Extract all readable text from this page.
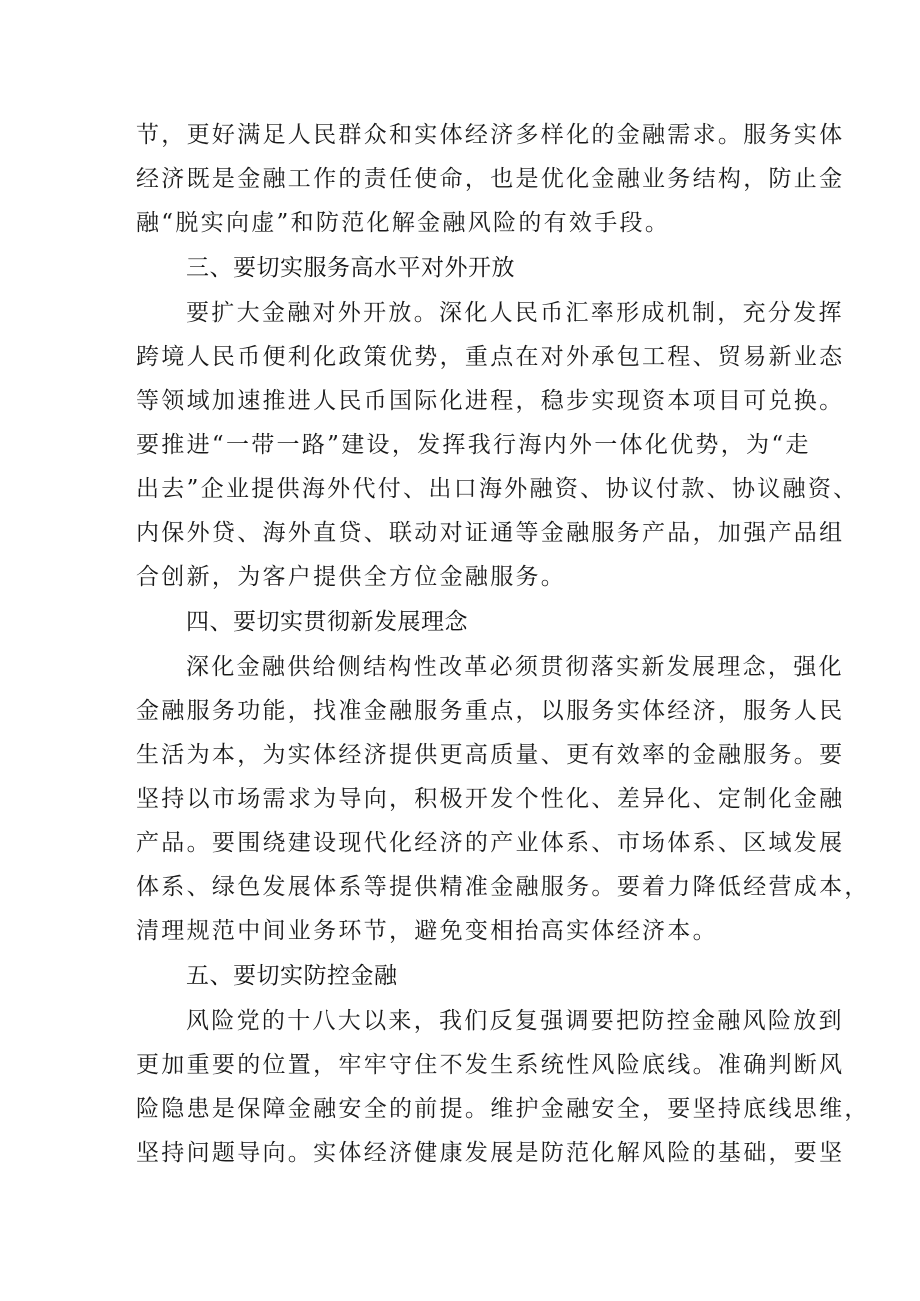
节，更好满足人民群众和实体经济多样化的金融需求。服务实体
经济既是金融工作的责任使命，也是优化金融业务结构，防止金
融“脱实向虚”和防范化解金融风险的有效手段。
三、要切实服务高水平对外开放
要扩大金融对外开放。深化人民币汇率形成机制，充分发挥
跨境人民币便利化政策优势，重点在对外承包工程、贸易新业态
等领域加速推进人民币国际化进程，稳步实现资本项目可兑换。
要推进“一带一路”建设，发挥我行海内外一体化优势，为“走
出去”企业提供海外代付、出口海外融资、协议付款、协议融资、
内保外贷、海外直贷、联动对证通等金融服务产品，加强产品组
合创新，为客户提供全方位金融服务。
四、要切实贯彻新发展理念
深化金融供给侧结构性改革必须贯彻落实新发展理念，强化
金融服务功能，找准金融服务重点，以服务实体经济，服务人民
生活为本，为实体经济提供更高质量、更有效率的金融服务。要
坚持以市场需求为导向，积极开发个性化、差异化、定制化金融
产品。要围绕建设现代化经济的产业体系、市场体系、区域发展
体系、绿色发展体系等提供精准金融服务。要着力降低经营成本，
清理规范中间业务环节，避免变相抬高实体经济本。
五、要切实防控金融
风险党的十八大以来，我们反复强调要把防控金融风险放到
更加重要的位置，牢牢守住不发生系统性风险底线。准确判断风
险隐患是保障金融安全的前提。维护金融安全，要坚持底线思维，
坚持问题导向。实体经济健康发展是防范化解风险的基础，要坚
